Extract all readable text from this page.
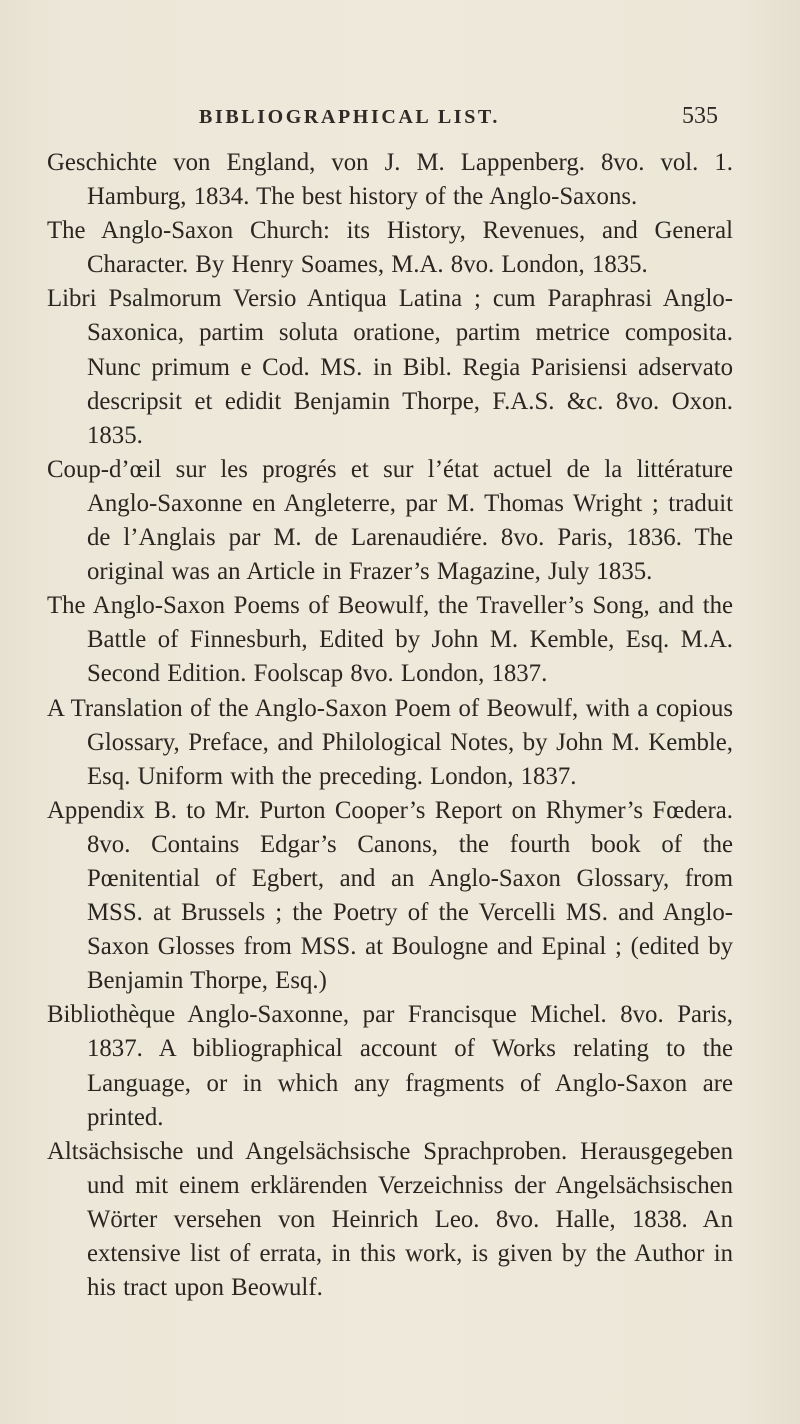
BIBLIOGRAPHICAL LIST.	535

Geschichte von England, von J. M. Lappenberg. 8vo. vol. 1. Hamburg, 1834. The best history of the Anglo-Saxons.

The Anglo-Saxon Church: its History, Revenues, and General Character. By Henry Soames, M.A. 8vo. London, 1835.

Libri Psalmorum Versio Antiqua Latina ; cum Paraphrasi Anglo-Saxonica, partim soluta oratione, partim metrice composita. Nunc primum e Cod. MS. in Bibl. Regia Parisiensi adservato descripsit et edidit Benjamin Thorpe, F.A.S. &c. 8vo. Oxon. 1835.

Coup-d’œil sur les progrés et sur l’état actuel de la littérature Anglo-Saxonne en Angleterre, par M. Thomas Wright ; traduit de l’Anglais par M. de Larenaudiére. 8vo. Paris, 1836. The original was an Article in Frazer’s Magazine, July 1835.

The Anglo-Saxon Poems of Beowulf, the Traveller’s Song, and the Battle of Finnesburh, Edited by John M. Kemble, Esq. M.A. Second Edition. Foolscap 8vo. London, 1837.

A Translation of the Anglo-Saxon Poem of Beowulf, with a copious Glossary, Preface, and Philological Notes, by John M. Kemble, Esq. Uniform with the preceding. London, 1837.

Appendix B. to Mr. Purton Cooper’s Report on Rhymer’s Fœdera. 8vo. Contains Edgar’s Canons, the fourth book of the Pœnitential of Egbert, and an Anglo-Saxon Glossary, from MSS. at Brussels ; the Poetry of the Vercelli MS. and Anglo-Saxon Glosses from MSS. at Boulogne and Epinal ; (edited by Benjamin Thorpe, Esq.)

Bibliothèque Anglo-Saxonne, par Francisque Michel. 8vo. Paris, 1837. A bibliographical account of Works relating to the Language, or in which any fragments of Anglo-Saxon are printed.

Altsächsische und Angelsächsische Sprachproben. Herausgegeben und mit einem erklärenden Verzeichniss der Angelsächsischen Wörter versehen von Heinrich Leo. 8vo. Halle, 1838. An extensive list of errata, in this work, is given by the Author in his tract upon Beowulf.
